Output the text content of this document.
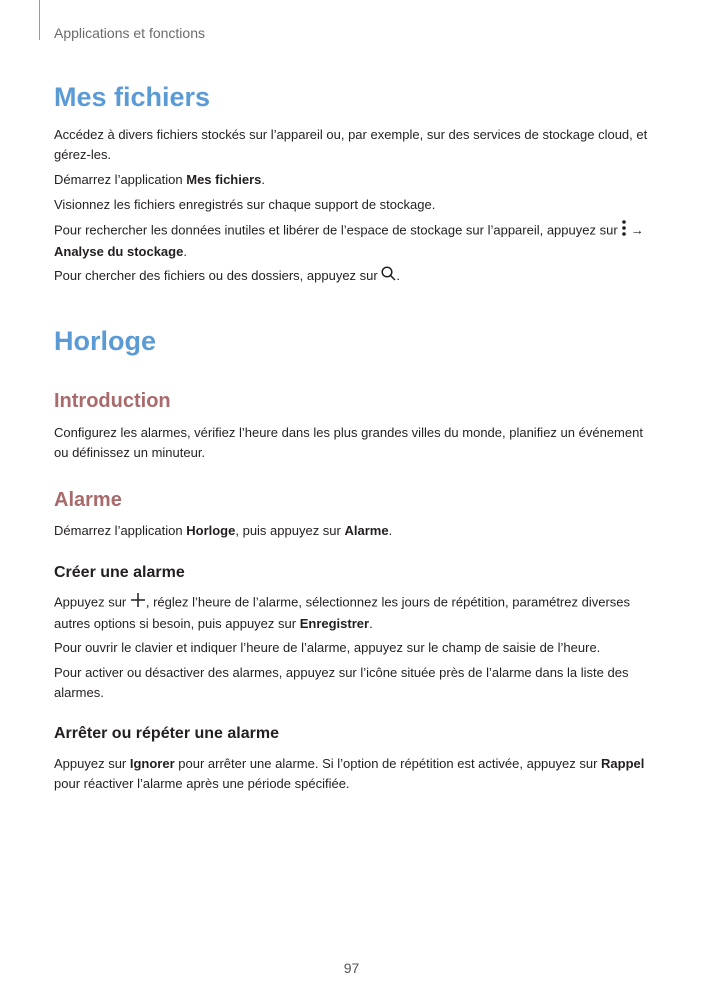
Applications et fonctions
Mes fichiers
Accédez à divers fichiers stockés sur l’appareil ou, par exemple, sur des services de stockage cloud, et gérez-les.
Démarrez l’application Mes fichiers.
Visionnez les fichiers enregistrés sur chaque support de stockage.
Pour rechercher les données inutiles et libérer de l’espace de stockage sur l’appareil, appuyez sur  →
Analyse du stockage.
Pour chercher des fichiers ou des dossiers, appuyez sur .
Horloge
Introduction
Configurez les alarmes, vérifiez l’heure dans les plus grandes villes du monde, planifiez un événement ou définissez un minuteur.
Alarme
Démarrez l’application Horloge, puis appuyez sur Alarme.
Créer une alarme
Appuyez sur , réglez l’heure de l’alarme, sélectionnez les jours de répétition, paramétrez diverses autres options si besoin, puis appuyez sur Enregistrer.
Pour ouvrir le clavier et indiquer l’heure de l’alarme, appuyez sur le champ de saisie de l’heure.
Pour activer ou désactiver des alarmes, appuyez sur l’icône située près de l’alarme dans la liste des alarmes.
Arrêter ou répéter une alarme
Appuyez sur Ignorer pour arrêter une alarme. Si l’option de répétition est activée, appuyez sur Rappel pour réactiver l’alarme après une période spécifiée.
97
